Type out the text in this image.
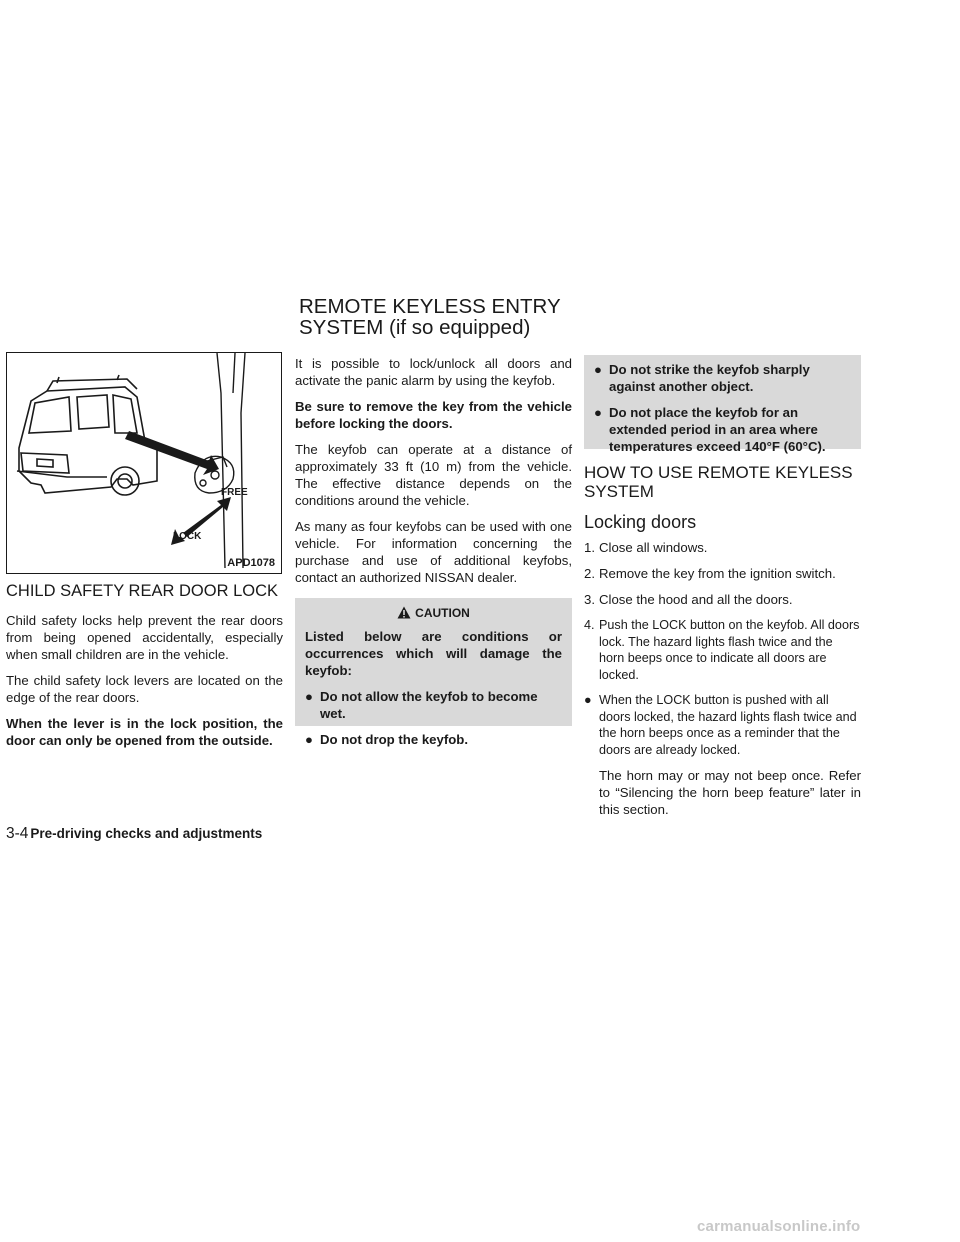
REMOTE KEYLESS ENTRY
SYSTEM (if so equipped)
FREE
LOCK
APD1078
CHILD SAFETY REAR DOOR LOCK

Child safety locks help prevent the rear doors from being opened accidentally, especially when small children are in the vehicle.

The child safety lock levers are located on the edge of the rear doors.

When the lever is in the lock position, the door can only be opened from the outside.

It is possible to lock/unlock all doors and activate the panic alarm by using the keyfob.

Be sure to remove the key from the vehicle before locking the doors.

The keyfob can operate at a distance of approximately 33 ft (10 m) from the vehicle. The effective distance depends on the conditions around the vehicle.

As many as four keyfobs can be used with one vehicle. For information concerning the purchase and use of additional keyfobs, contact an authorized NISSAN dealer.

CAUTION

Listed below are conditions or occurrences which will damage the keyfob:

● Do not allow the keyfob to become wet.
● Do not drop the keyfob.
● Do not strike the keyfob sharply against another object.
● Do not place the keyfob for an extended period in an area where temperatures exceed 140°F (60°C).
HOW TO USE REMOTE KEYLESS SYSTEM
Locking doors
1. Close all windows.
2. Remove the key from the ignition switch.
3. Close the hood and all the doors.
4. Push the LOCK button on the keyfob. All doors lock. The hazard lights flash twice and the horn beeps once to indicate all doors are locked.
● When the LOCK button is pushed with all doors locked, the hazard lights flash twice and the horn beeps once as a reminder that the doors are already locked.

The horn may or may not beep once. Refer to “Silencing the horn beep feature” later in this section.

3-4 Pre-driving checks and adjustments
carmanualsonline.info
